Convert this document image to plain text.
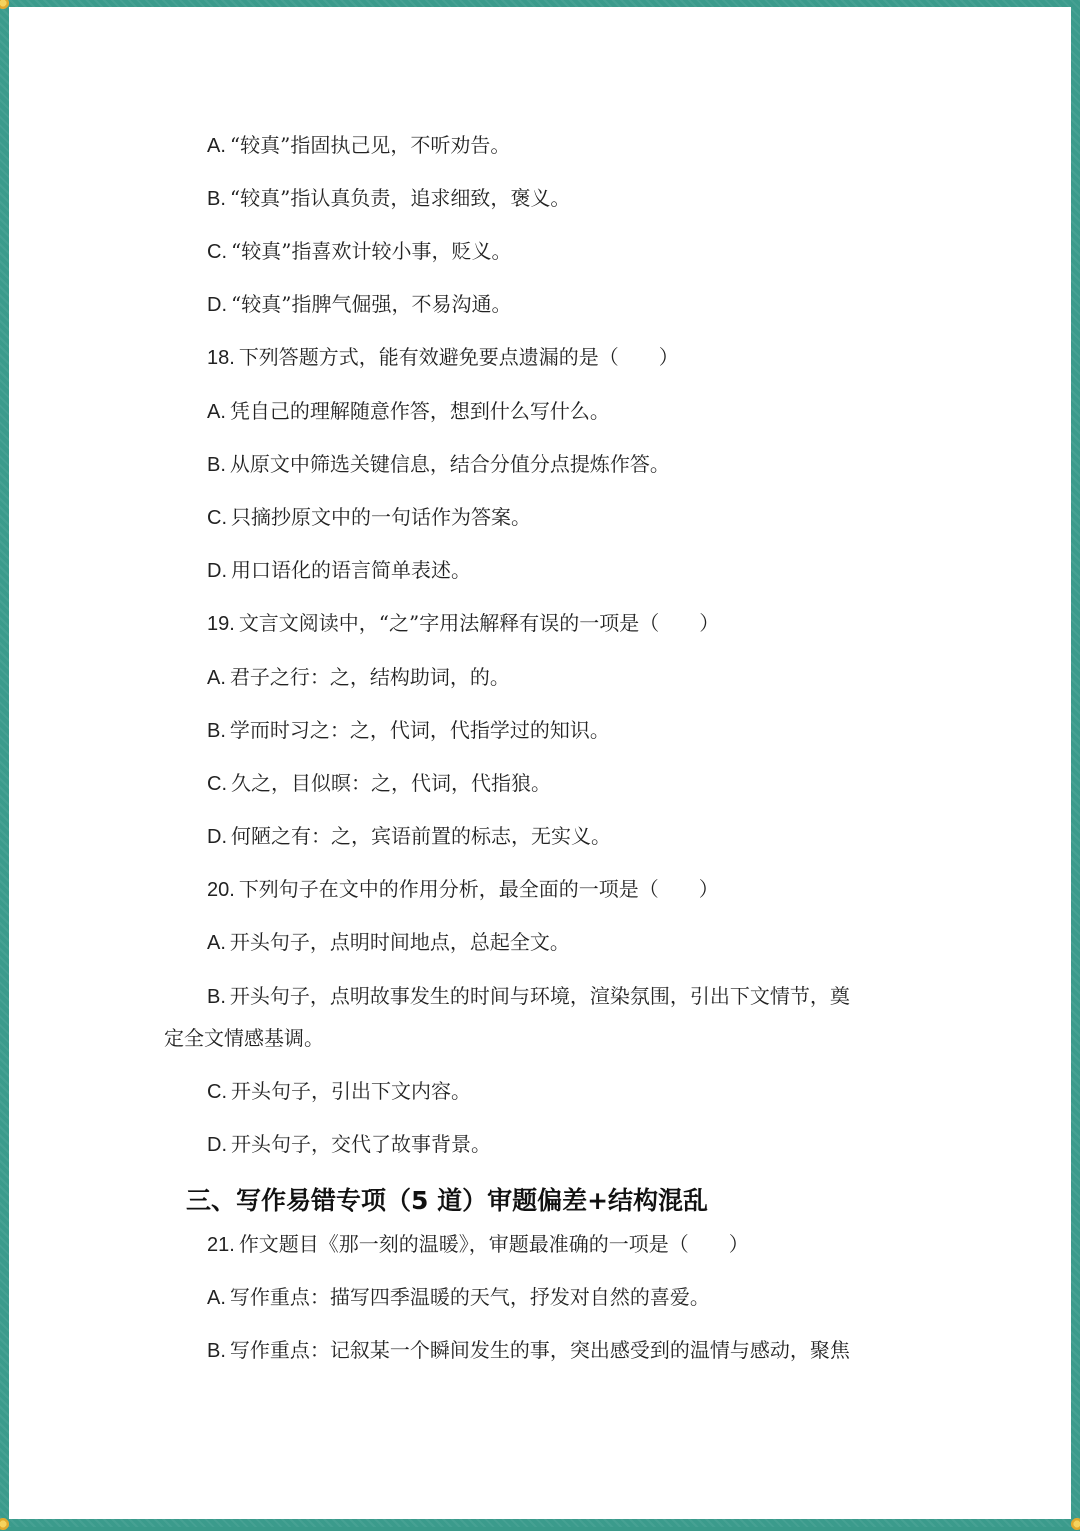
A. “较真”指固执己见，不听劝告。
B. “较真”指认真负责，追求细致，褒义。
C. “较真”指喜欢计较小事，贬义。
D. “较真”指脾气倔强，不易沟通。
18. 下列答题方式，能有效避免要点遗漏的是（　　）
A. 凭自己的理解随意作答，想到什么写什么。
B. 从原文中筛选关键信息，结合分值分点提炼作答。
C. 只摘抄原文中的一句话作为答案。
D. 用口语化的语言简单表述。
19. 文言文阅读中，“之”字用法解释有误的一项是（　　）
A. 君子之行：之，结构助词，的。
B. 学而时习之：之，代词，代指学过的知识。
C. 久之，目似暝：之，代词，代指狼。
D. 何陋之有：之，宾语前置的标志，无实义。
20. 下列句子在文中的作用分析，最全面的一项是（　　）
A. 开头句子，点明时间地点，总起全文。
B. 开头句子，点明故事发生的时间与环境，渲染氛围，引出下文情节，奠
定全文情感基调。
C. 开头句子，引出下文内容。
D. 开头句子，交代了故事背景。
三、写作易错专项（5 道）审题偏差+结构混乱
21. 作文题目《那一刻的温暖》，审题最准确的一项是（　　）
A. 写作重点：描写四季温暖的天气，抒发对自然的喜爱。
B. 写作重点：记叙某一个瞬间发生的事，突出感受到的温情与感动，聚焦
